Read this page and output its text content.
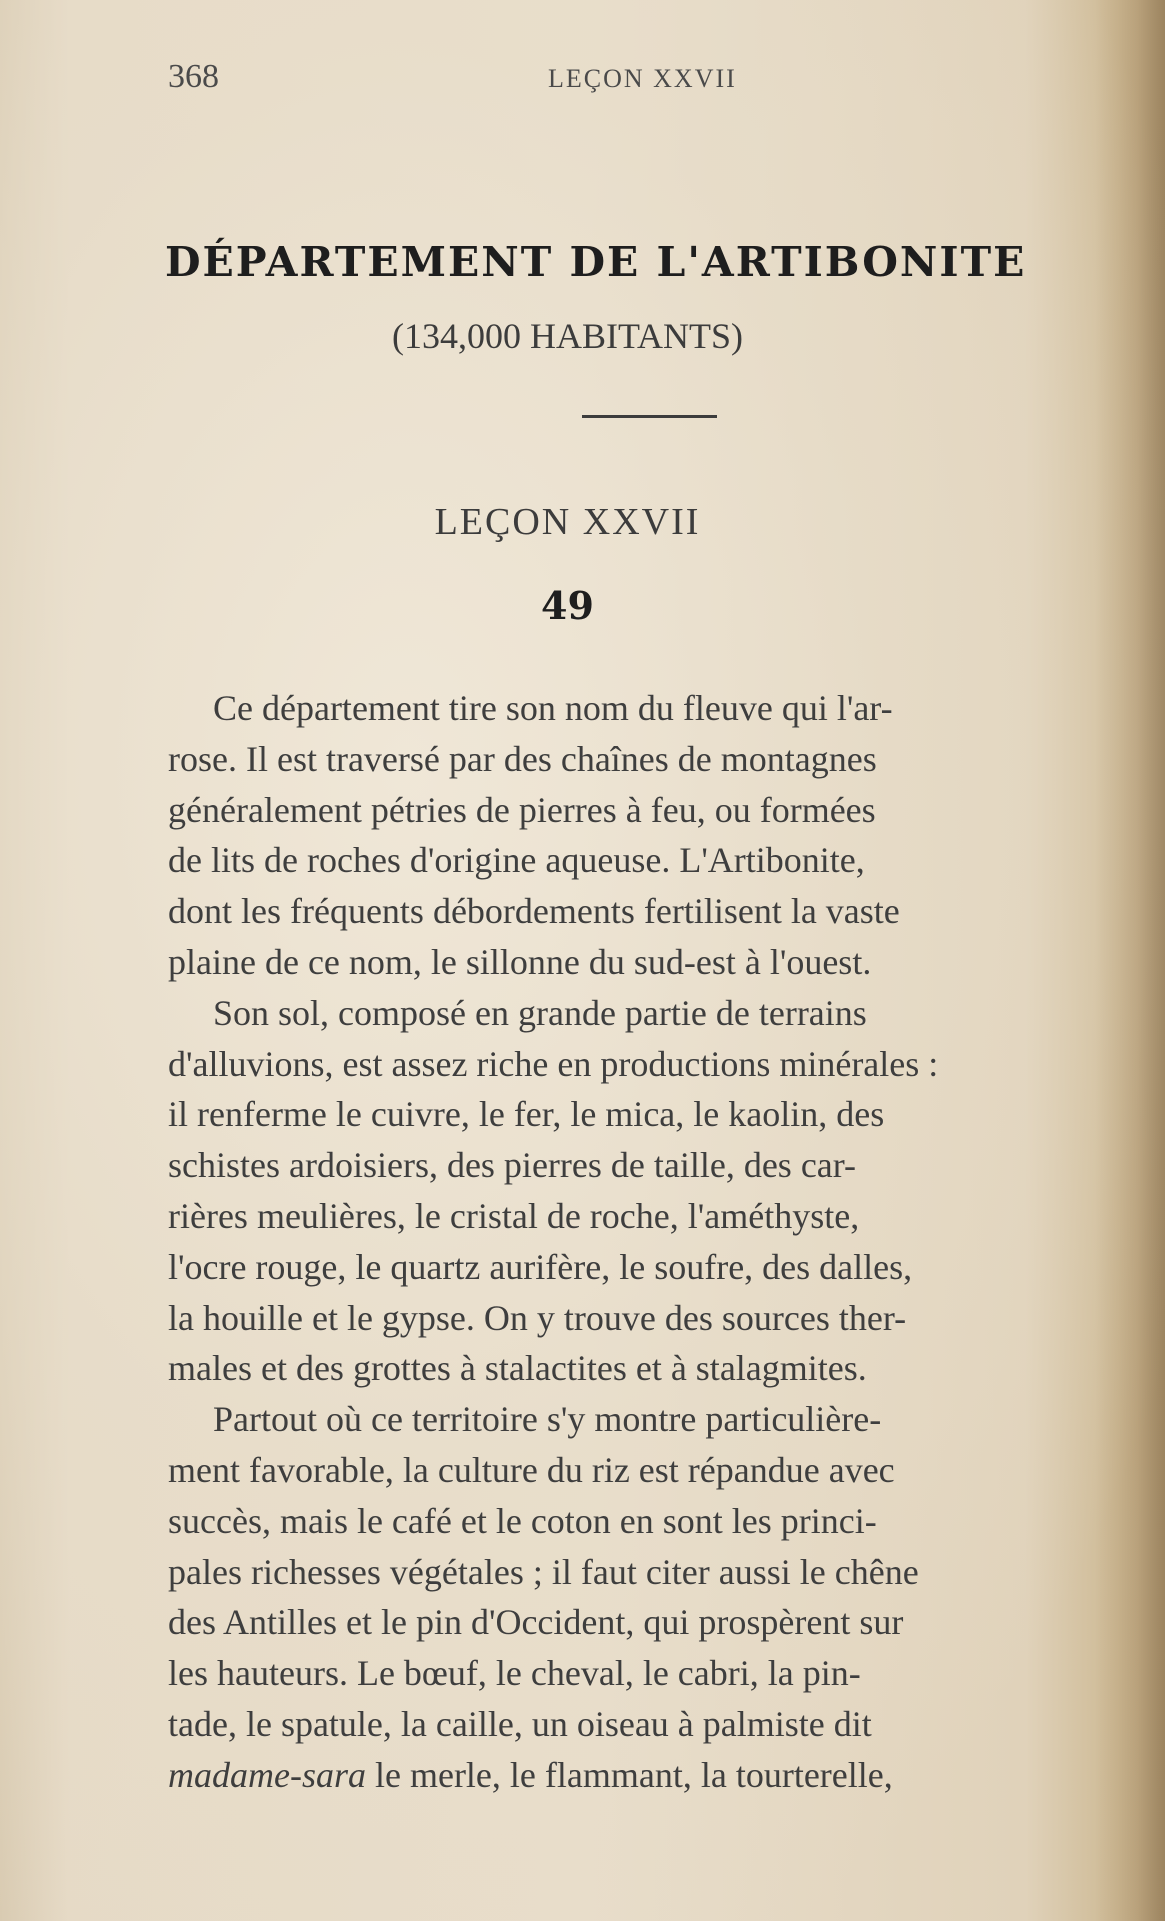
368	LEÇON XXVII
DÉPARTEMENT DE L'ARTIBONITE
(134,000 HABITANTS)
LEÇON XXVII
49
Ce département tire son nom du fleuve qui l'ar-
rose. Il est traversé par des chaînes de montagnes
généralement pétries de pierres à feu, ou formées
de lits de roches d'origine aqueuse. L'Artibonite,
dont les fréquents débordements fertilisent la vaste
plaine de ce nom, le sillonne du sud-est à l'ouest.
Son sol, composé en grande partie de terrains
d'alluvions, est assez riche en productions minérales :
il renferme le cuivre, le fer, le mica, le kaolin, des
schistes ardoisiers, des pierres de taille, des car-
rières meulières, le cristal de roche, l'améthyste,
l'ocre rouge, le quartz aurifère, le soufre, des dalles,
la houille et le gypse. On y trouve des sources ther-
males et des grottes à stalactites et à stalagmites.
Partout où ce territoire s'y montre particulière-
ment favorable, la culture du riz est répandue avec
succès, mais le café et le coton en sont les princi-
pales richesses végétales ; il faut citer aussi le chêne
des Antilles et le pin d'Occident, qui prospèrent sur
les hauteurs. Le bœuf, le cheval, le cabri, la pin-
tade, le spatule, la caille, un oiseau à palmiste dit
madame-sara le merle, le flammant, la tourterelle,
